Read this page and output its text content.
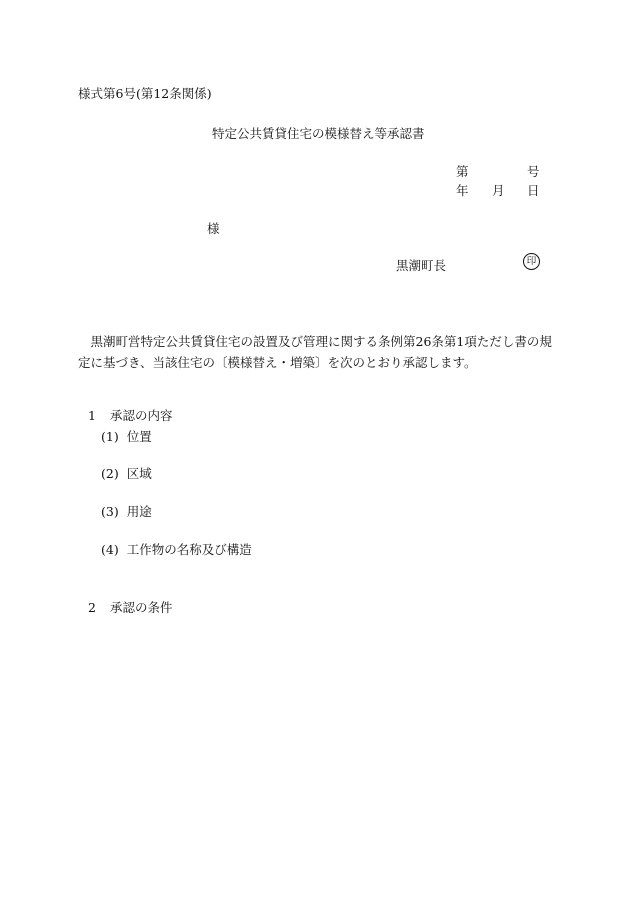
様式第6号(第12条関係)
特定公共賃貸住宅の模様替え等承認書
第	号
年 月 日
様
黒潮町長	印
黒潮町営特定公共賃貸住宅の設置及び管理に関する条例第26条第1項ただし書の規定に基づき、当該住宅の〔模様替え・増築〕を次のとおり承認します。
1 承認の内容
(1) 位置
(2) 区域
(3) 用途
(4) 工作物の名称及び構造
2 承認の条件
